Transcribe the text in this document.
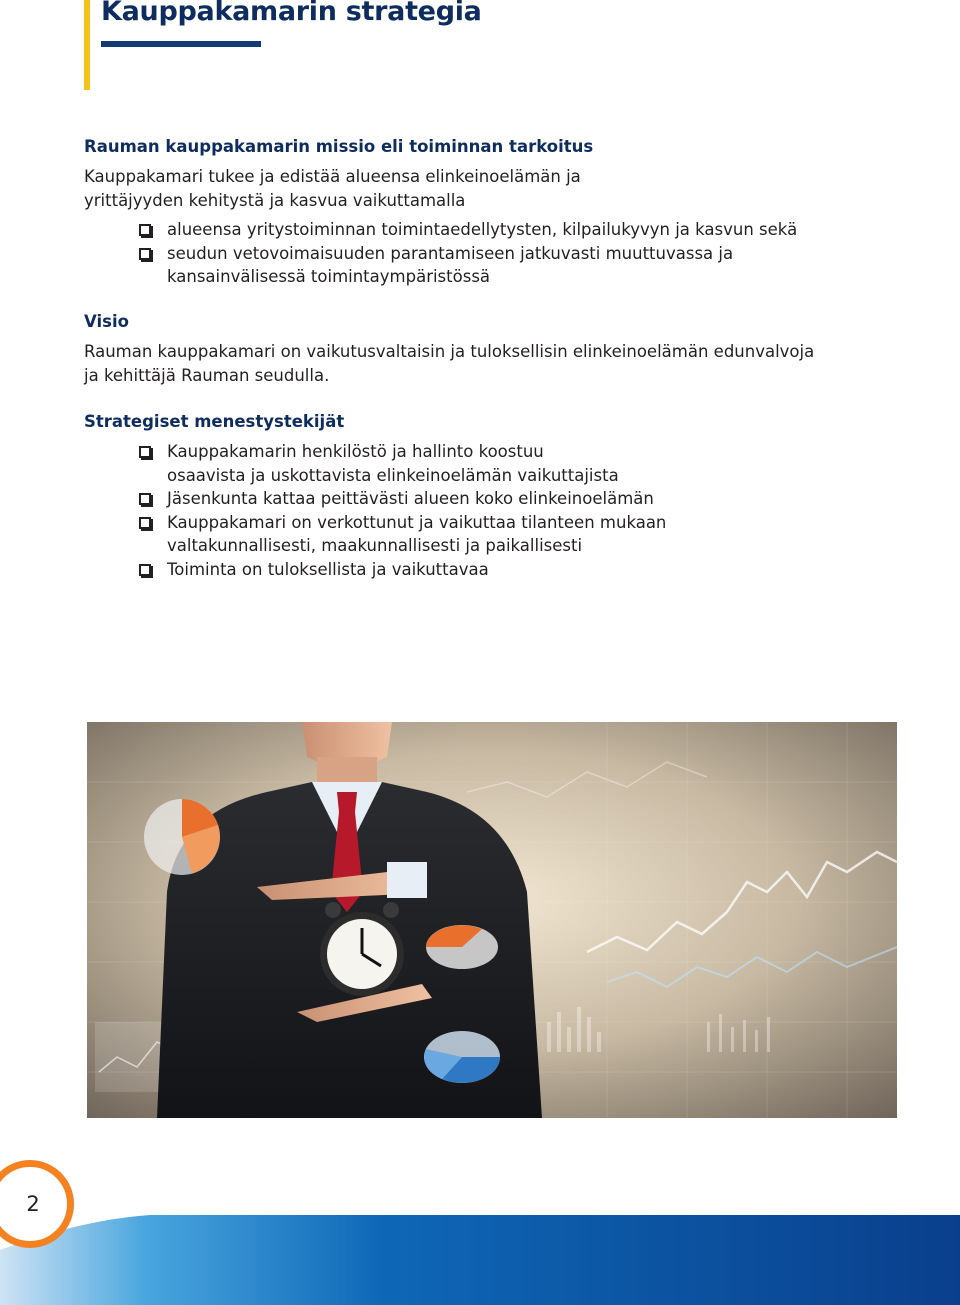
Kauppakamarin strategia
Rauman kauppakamarin missio eli toiminnan tarkoitus

Kauppakamari tukee ja edistää alueensa elinkeinoelämän ja
yrittäjyyden kehitystä ja kasvua vaikuttamalla

alueensa yritystoiminnan toimintaedellytysten, kilpailukyvyn ja kasvun sekä
seudun vetovoimaisuuden parantamiseen jatkuvasti muuttuvassa ja
kansainvälisessä toimintaympäristössä
Visio

Rauman kauppakamari on vaikutusvaltaisin ja tuloksellisin elinkeinoelämän edunvalvoja
ja kehittäjä Rauman seudulla.

Strategiset menestystekijät
Kauppakamarin henkilöstö ja hallinto koostuu
osaavista ja uskottavista elinkeinoelämän vaikuttajista
Jäsenkunta kattaa peittävästi alueen koko elinkeinoelämän
Kauppakamari on verkottunut ja vaikuttaa tilanteen mukaan
valtakunnallisesti, maakunnallisesti ja paikallisesti
Toiminta on tuloksellista ja vaikuttavaa
2
